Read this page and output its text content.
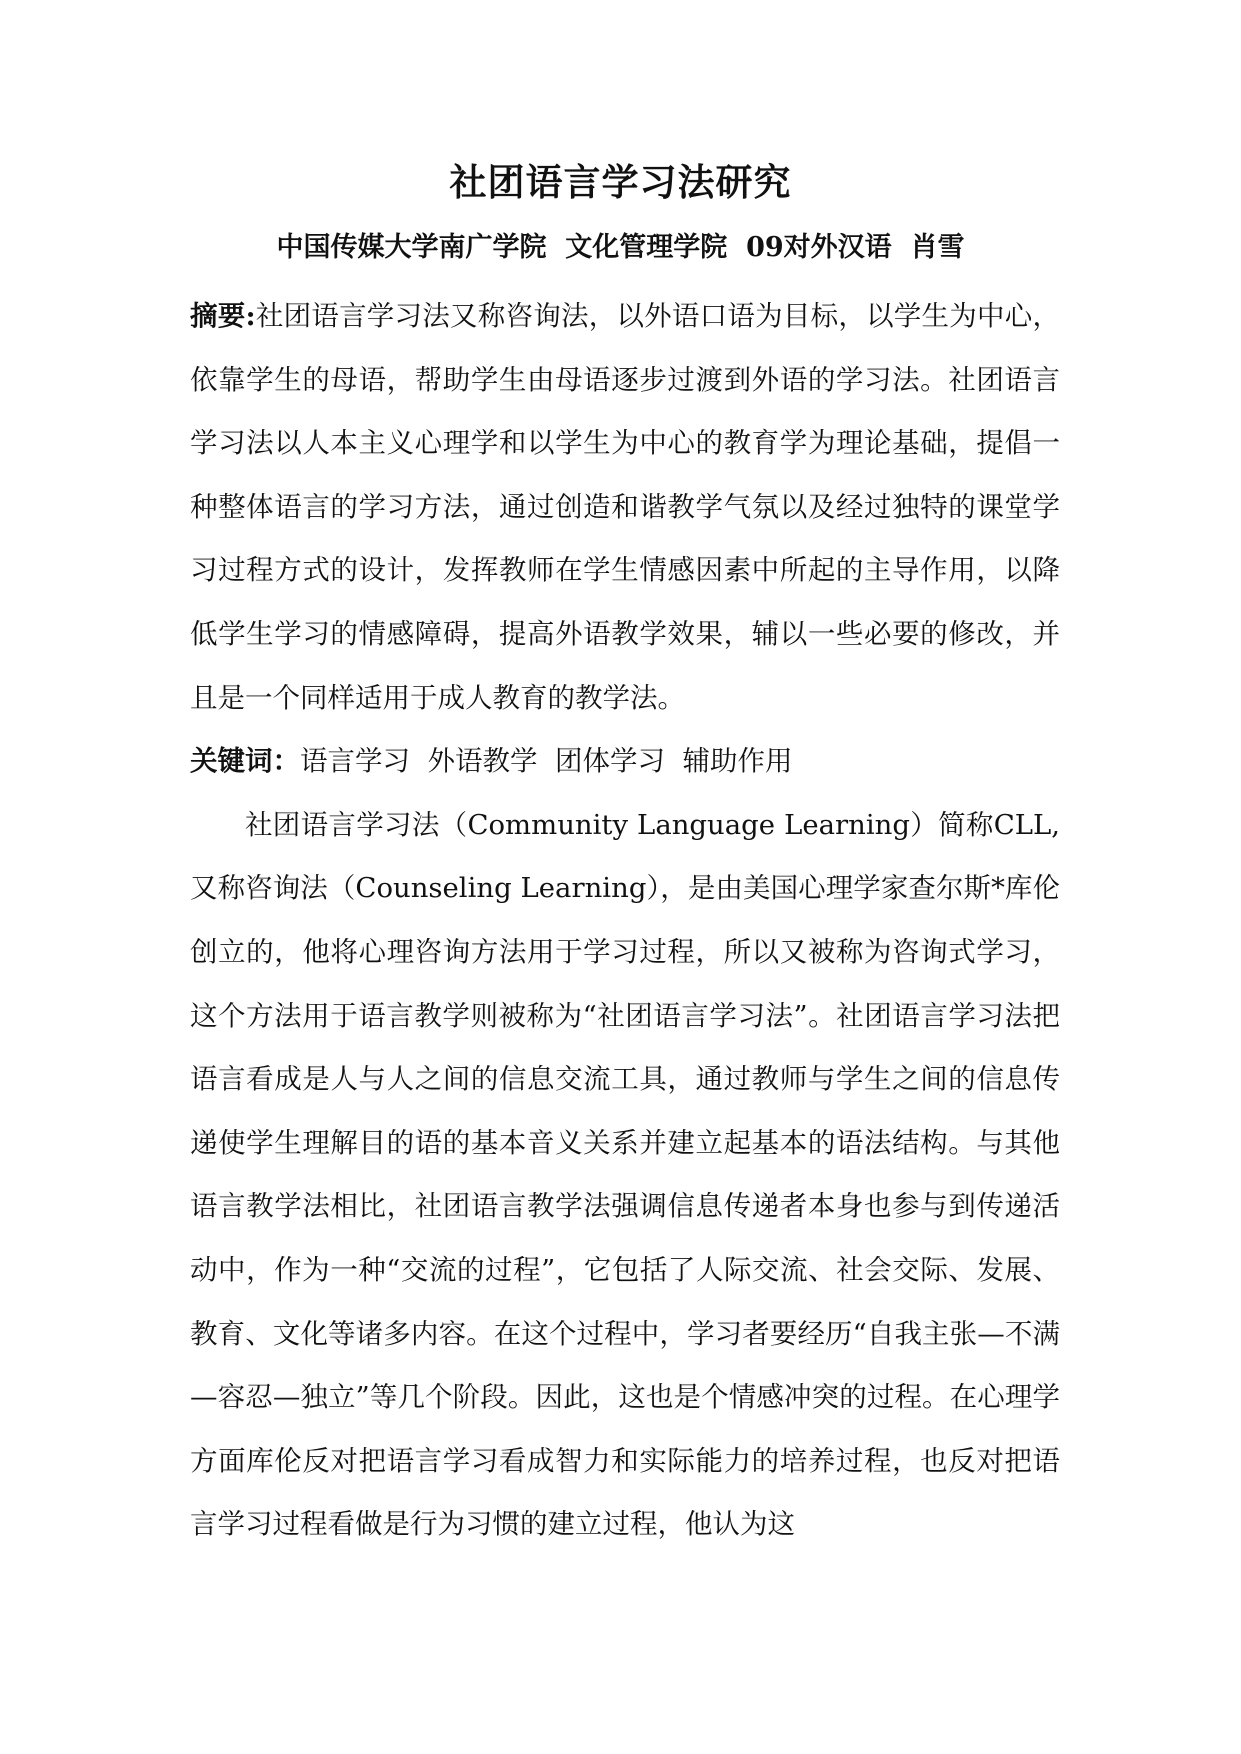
社团语言学习法研究
中国传媒大学南广学院  文化管理学院  09对外汉语  肖雪

摘要:社团语言学习法又称咨询法，以外语口语为目标，以学生为中心，依靠学生的母语，帮助学生由母语逐步过渡到外语的学习法。社团语言学习法以人本主义心理学和以学生为中心的教育学为理论基础，提倡一种整体语言的学习方法，通过创造和谐教学气氛以及经过独特的课堂学习过程方式的设计，发挥教师在学生情感因素中所起的主导作用，以降低学生学习的情感障碍，提高外语教学效果，辅以一些必要的修改，并且是一个同样适用于成人教育的教学法。

关键词：语言学习  外语教学  团体学习  辅助作用

社团语言学习法（Community Language Learning）简称CLL,又称咨询法（Counseling Learning），是由美国心理学家查尔斯*库伦创立的，他将心理咨询方法用于学习过程，所以又被称为咨询式学习，这个方法用于语言教学则被称为“社团语言学习法”。社团语言学习法把语言看成是人与人之间的信息交流工具，通过教师与学生之间的信息传递使学生理解目的语的基本音义关系并建立起基本的语法结构。与其他语言教学法相比，社团语言教学法强调信息传递者本身也参与到传递活动中，作为一种“交流的过程”，它包括了人际交流、社会交际、发展、教育、文化等诸多内容。在这个过程中，学习者要经历“自我主张—不满—容忍—独立”等几个阶段。因此，这也是个情感冲突的过程。在心理学方面库伦反对把语言学习看成智力和实际能力的培养过程，也反对把语言学习过程看做是行为习惯的建立过程，他认为这
